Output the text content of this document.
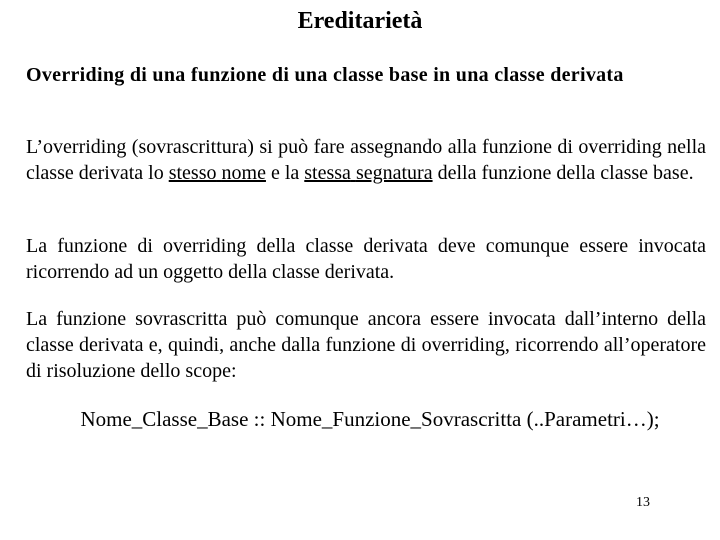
Ereditarietà
Overriding di una funzione di una classe base in una classe derivata
L’overriding (sovrascrittura) si può fare assegnando alla funzione di overriding nella classe derivata lo stesso nome e la stessa segnatura della funzione della classe base.
La funzione di overriding della classe derivata deve comunque essere invocata ricorrendo ad un oggetto della classe derivata.
La funzione sovrascritta può comunque ancora essere invocata dall’interno della classe derivata e, quindi, anche dalla funzione di overriding, ricorrendo all’operatore di risoluzione dello scope:
Nome_Classe_Base :: Nome_Funzione_Sovrascritta (..Parametri…);
13
